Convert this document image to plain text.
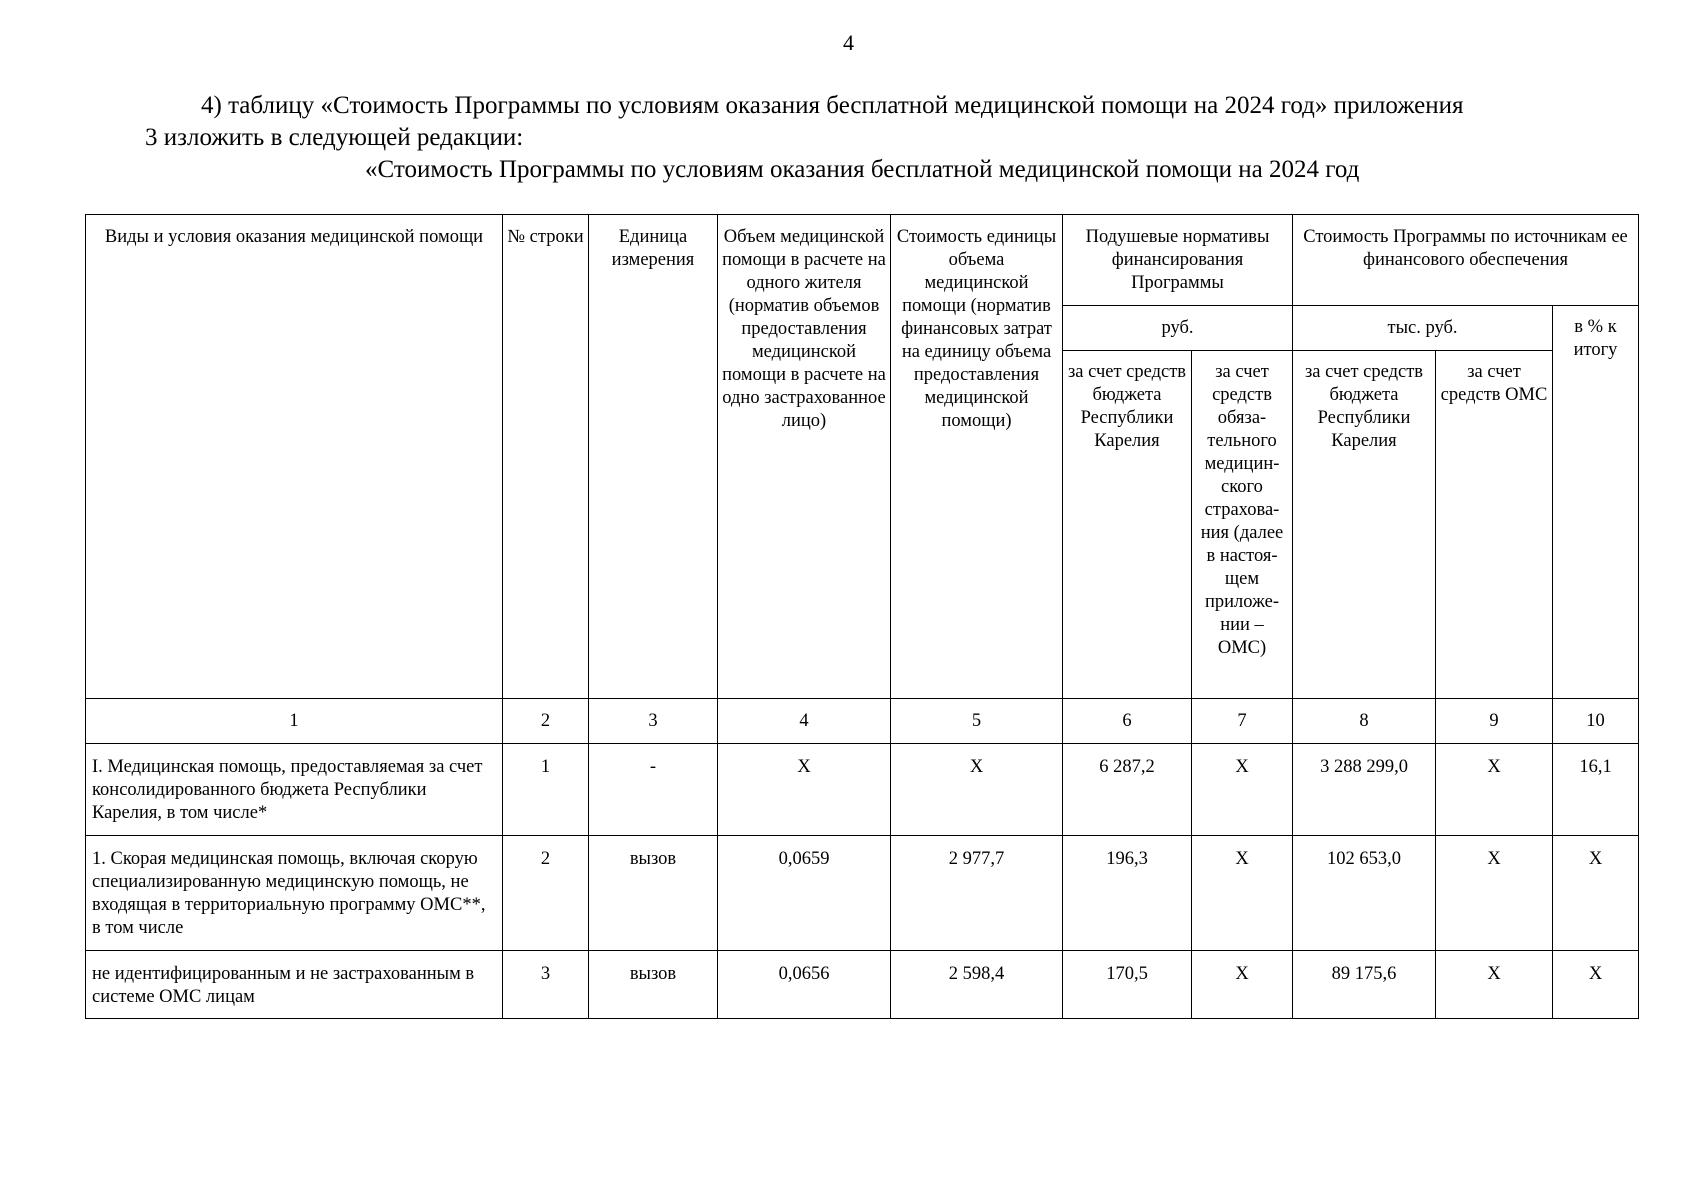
4
4) таблицу «Стоимость Программы по условиям оказания бесплатной медицинской помощи на 2024 год» приложения
3 изложить в следующей редакции:
«Стоимость Программы по условиям оказания бесплатной медицинской помощи на 2024 год
Виды и условия оказания медицинской помощи	№ строки	Единица измерения	Объем медицинской помощи в расчете на одного жителя (норматив объемов предоставления медицинской помощи в расчете на одно застрахованное лицо)	Стоимость единицы объема медицинской помощи (норматив финансовых затрат на единицу объема предоставления медицинской помощи)	Подушевые нормативы финансирования Программы		Стоимость Программы по источникам ее финансового обеспечения		
					руб.		тыс. руб.		в % к итогу
					за счет средств бюджета Республики Карелия	за счет средств обяза- тельного медицин- ского страхова- ния (далее в настоя- щем приложе- нии – ОМС)	за счет средств бюджета Республики Карелия	за счет средств ОМС	
1	2	3	4	5	6	7	8	9	10
I. Медицинская помощь, предоставляемая за счет консолидированного бюджета Республики Карелия, в том числе*	1	-	Х	Х	6 287,2	Х	3 288 299,0	Х	16,1
1. Скорая медицинская помощь, включая скорую специализированную медицинскую помощь, не входящая в территориальную программу ОМС**, в том числе	2	вызов	0,0659	2 977,7	196,3	Х	102 653,0	Х	Х
не идентифицированным и не застрахованным в системе ОМС лицам	3	вызов	0,0656	2 598,4	170,5	Х	89 175,6	Х	Х
